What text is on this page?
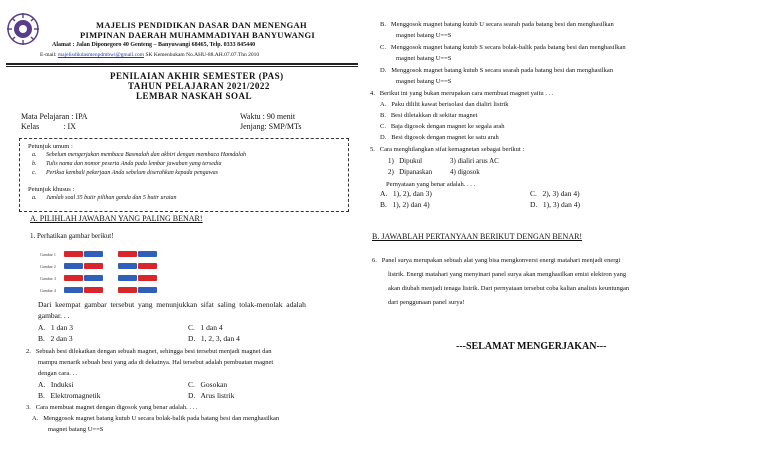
MAJELIS PENDIDIKAN DASAR DAN MENENGAH
PIMPINAN DAERAH MUHAMMADIYAH BANYUWANGI
Alamat : Jalan Diponegoro 40 Genteng – Banyuwangi 68465, Telp. 0333 845440
E-mail: majelisdikdasmenpdmbwi@gmail.com SK Kemenhukam No.AHU-88.AH.07.07.Thn 2010
PENILAIAN AKHIR SEMESTER (PAS)
TAHUN PELAJARAN 2021/2022
LEMBAR NASKAH SOAL
Mata Pelajaran : IPA
Kelas            : IX
Waktu : 90 menit
Jenjang: SMP/MTs
Petunjuk umum :
a. Sebelum mengerjakan membaca Basmalah dan akhiri dengan membaca Hamdalah
b. Tulis nama dan nomor peserta Anda pada lembar jawaban yang tersedia
c. Periksa kembali pekerjaan Anda sebelum diserahkan kepada pengawas
Petunjuk khusus :
a. Jumlah soal 35 butir pilihan ganda dan 5 butir uraian
A. PILIHLAH JAWABAN YANG PALING BENAR!
1. Perhatikan gambar berikut!
Gambar 1
Gambar 2
Gambar 3
Gambar 4
Dari  keempat  gambar  tersebut  yang  menunjukkan  sifat  saling  tolak-menolak  adalah
gambar. . .
A.   1 dan 3	C.   1 dan 4
B.   2 dan 3	D.   1, 2, 3, dan 4
2.   Sebuah besi dilekatkan dengan sebuah magnet, sehingga besi tersebut menjadi magnet dan
mampu menarik sebuah besi yang ada di dekatnya. Hal tersebut adalah pembuatan magnet
dengan cara. . .
A.   Induksi	C.   Gosokan
B.   Elektromagnetik	D.   Arus listrik
3.   Cara membuat magnet dengan digosok yang benar adalah. . . .
A.   Menggosok magnet batang kutub U secara bolak-balik pada batang besi dan menghasilkan
magnet batang U==S
B.   Menggosok magnet batang kutub U secara searah pada batang besi dan menghasilkan
magnet batang U==S
C.   Menggosok magnet batang kutub S secara bolak-balik pada batang besi dan menghasilkan
magnet batang U==S
D.   Menggosok magnet batang kutub S secara searah pada batang besi dan menghasilkan
magnet batang U==S
4.   Berikut ini yang bukan merupakan cara membuat magnet yaitu . . .
A.   Paku dililit kawat berisolasi dan dialiri listrik
B.   Besi diletakkan di sekitar magnet
C.   Baja digosok dengan magnet ke segala arah
D.   Besi digosok dengan magnet ke satu arah
5.   Cara menghilangkan sifat kemagnetan sebagai berikut :
1)   Dipukul	3) dialiri arus AC
2)   Dipanaskan	4) digosok
Pernyataan yang benar adalah. . . .
A.   1), 2), dan 3)	C.   2), 3) dan 4)
B.   1), 2) dan 4)	D.   1), 3) dan 4)
B. JAWABLAH PERTANYAAN BERIKUT DENGAN BENAR!
6.   Panel surya merupakan sebuah alat yang bisa mengkonversi energi matahari menjadi energi
listrik. Energi matahari yang menyinari panel surya akan menghasilkan emisi elektron yang
akan diubah menjadi tenaga listrik. Dari pernyataan tersebut coba kalian analisis keuntungan
dari penggunaan panel surya!
---SELAMAT MENGERJAKAN---
